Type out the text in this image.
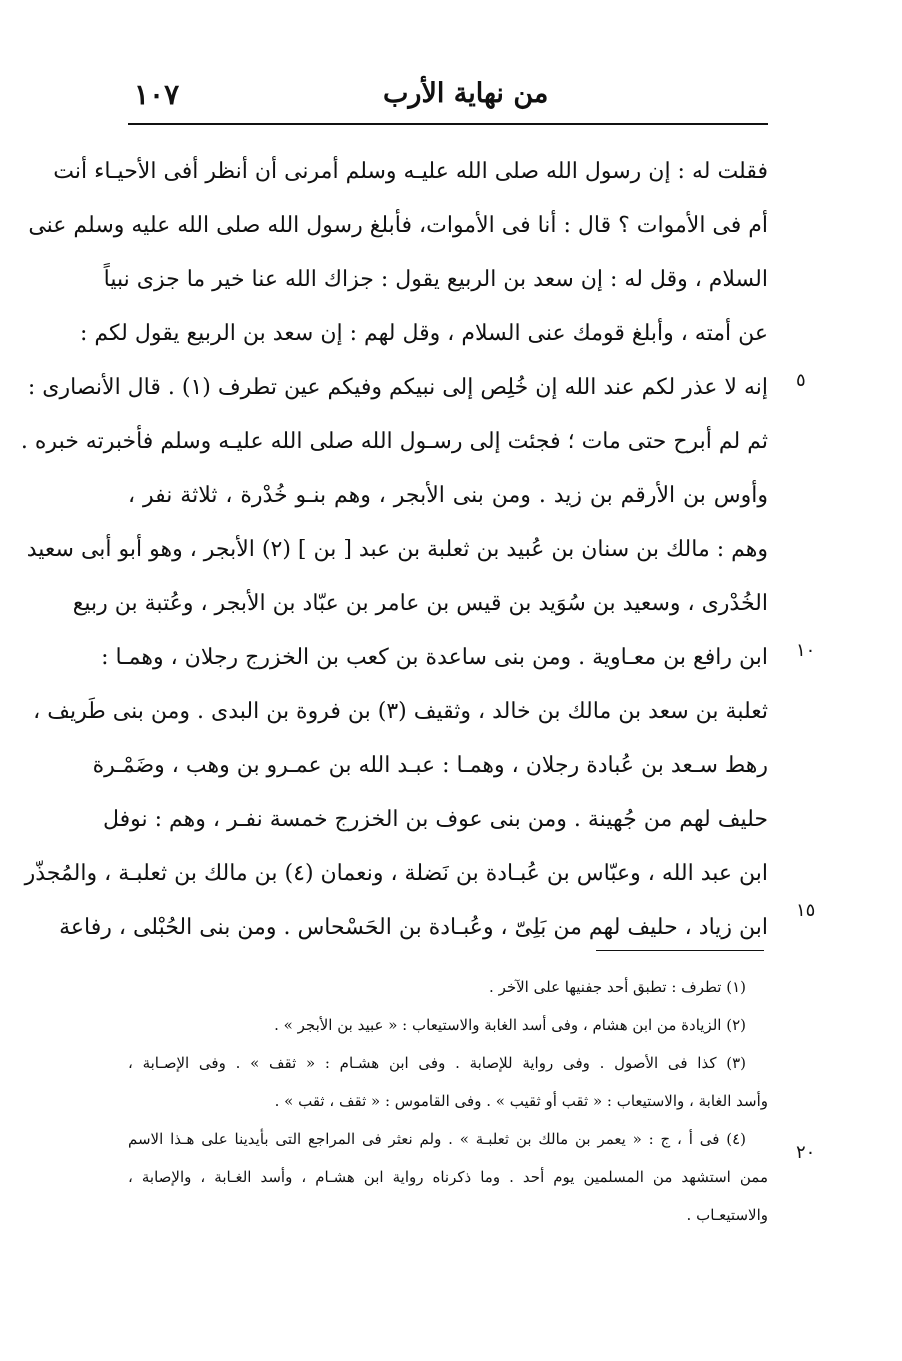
١٠٧	من نهاية الأرب
فقلت له : إن رسول الله صلى الله عليـه وسلم أمرنى أن أنظر أفى الأحيـاء أنت
أم فى الأموات ؟ قال : أنا فى الأموات، فأبلغ رسول الله صلى الله عليه وسلم عنى
السلام ، وقل له : إن سعد بن الربيع يقول : جزاك الله عنا خير ما جزى نبياً
عن أمته ، وأبلغ قومك عنى السلام ، وقل لهم : إن سعد بن الربيع يقول لكم :
إنه لا عذر لكم عند الله إن خُلِص إلى نبيكم وفيكم عين تطرف (١) . قال الأنصارى :
ثم لم أبرح حتى مات ؛ فجئت إلى رسـول الله صلى الله عليـه وسلم فأخبرته خبره .
وأوس بن الأرقم بن زيد . ومن بنى الأبجر ، وهم بنـو خُدْرة ، ثلاثة نفر ،
وهم : مالك بن سنان بن عُبيد بن ثعلبة بن عبد [ بن ] (٢) الأبجر ، وهو أبو أبى سعيد
الخُدْرى ، وسعيد بن سُوَيد بن قيس بن عامر بن عبّاد بن الأبجر ، وعُتبة بن ربيع
ابن رافع بن معـاوية . ومن بنى ساعدة بن كعب بن الخزرج رجلان ، وهمـا :
ثعلبة بن سعد بن مالك بن خالد ، وثقيف (٣) بن فروة بن البدى . ومن بنى طَريف ،
رهط سـعد بن عُبادة رجلان ، وهمـا : عبـد الله بن عمـرو بن وهب ، وضَمْـرة
حليف لهم من جُهينة . ومن بنى عوف بن الخزرج خمسة نفـر ، وهم : نوفل
ابن عبد الله ، وعبّاس بن عُبـادة بن نَضلة ، ونعمان (٤) بن مالك بن ثعلبـة ، والمُجذّر
ابن زياد ، حليف لهم من بَلِىّ ، وعُبـادة بن الحَسْحاس . ومن بنى الحُبْلى ، رفاعة
٥
١٠
١٥
٢٠
(١) تطرف : تطبق أحد جفنيها على الآخر .
(٢) الزيادة من ابن هشام ، وفى أسد الغابة والاستيعاب : « عبيد بن الأبجر » .
(٣) كذا فى الأصول . وفى رواية للإصابة . وفى ابن هشـام : « ثقف » . وفى الإصـابة ،
وأسد الغابة ، والاستيعاب : « ثقب أو ثقيب » . وفى القاموس : « ثقف ، ثقب » .
(٤) فى أ ، ج : « يعمر بن مالك بن ثعلبـة » . ولم نعثر فى المراجع التى بأيدينا على هـذا الاسم
ممن استشهد من المسلمين يوم أحد . وما ذكرناه رواية ابن هشـام ، وأسد الغـابة ، والإصابة ،
والاستيعـاب .
